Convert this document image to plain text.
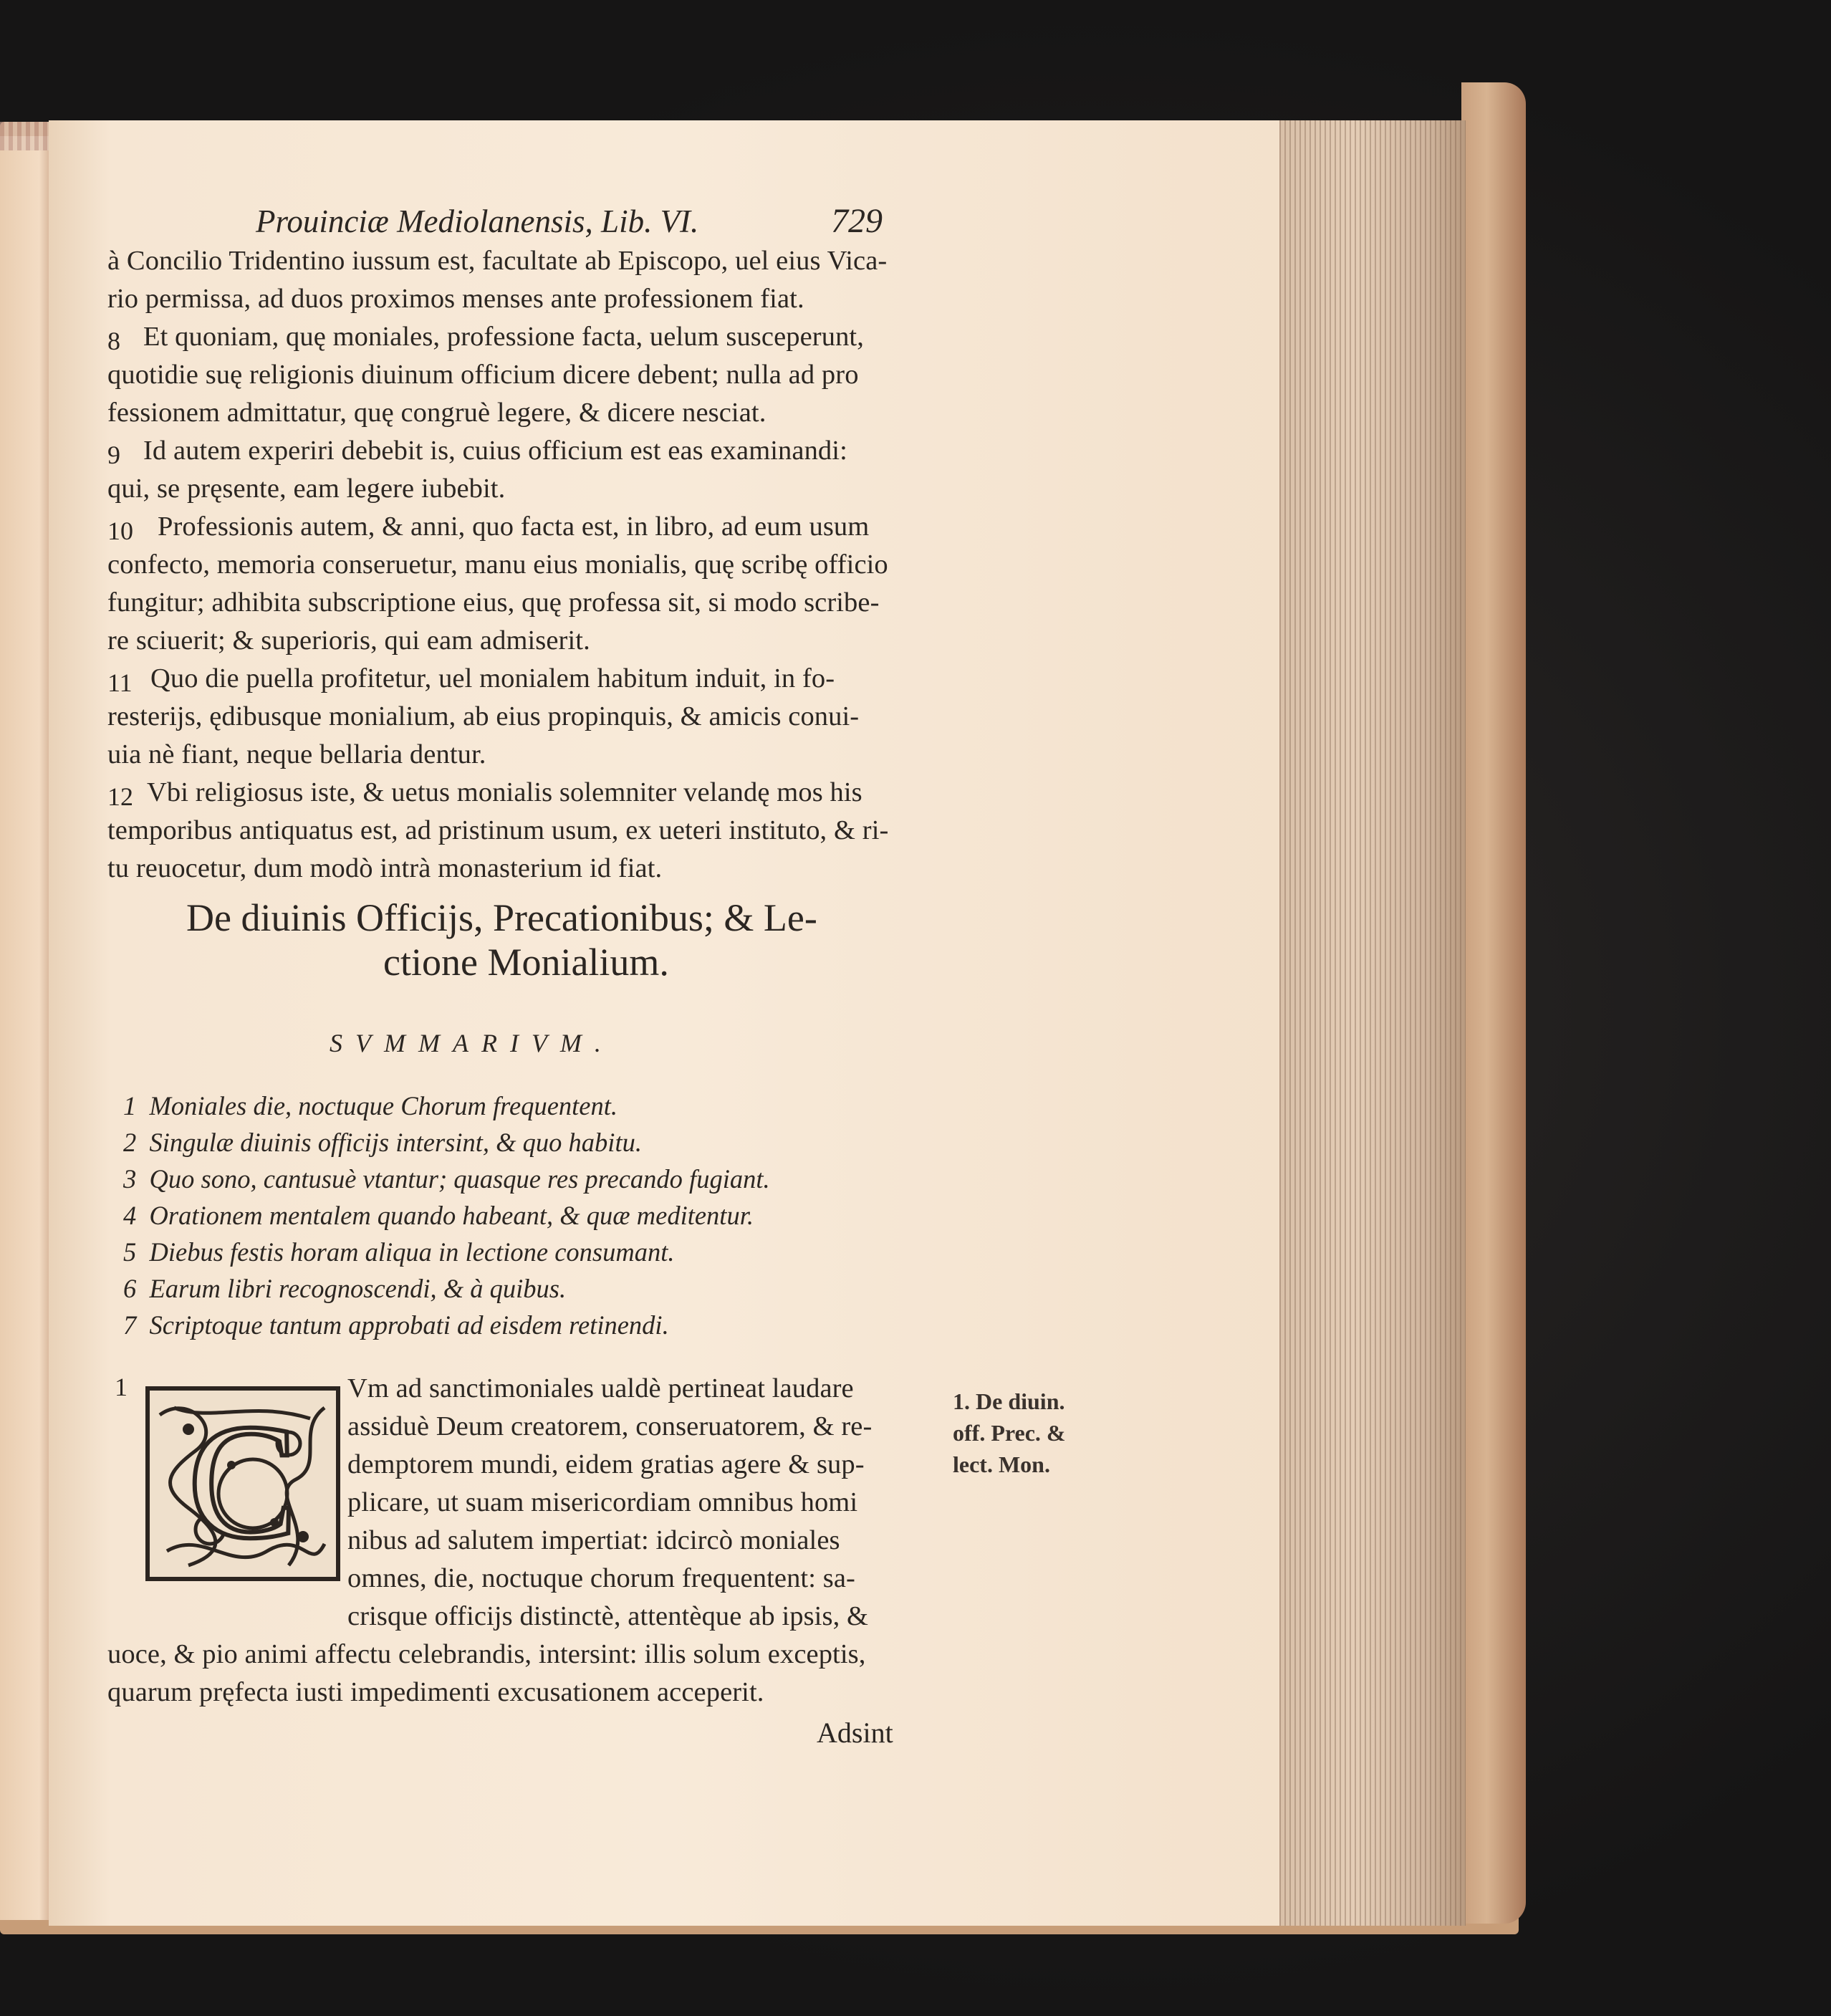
Prouinciæ Mediolanensis, Lib. VI.	729
à Concilio Tridentino iussum est, facultate ab Episcopo, uel eius Vica-
rio permissa, ad duos proximos menses ante professionem fiat.
8 Et quoniam, quę moniales, professione facta, uelum susceperunt,
quotidie suę religionis diuinum officium dicere debent; nulla ad pro
fessionem admittatur, quę congruè legere, & dicere nesciat.
9 Id autem experiri debebit is, cuius officium est eas examinandi:
qui, se pręsente, eam legere iubebit.
10 Professionis autem, & anni, quo facta est, in libro, ad eum usum
confecto, memoria conseruetur, manu eius monialis, quę scribę officio
fungitur; adhibita subscriptione eius, quę professa sit, si modo scribe-
re sciuerit; & superioris, qui eam admiserit.
11 Quo die puella profitetur, uel monialem habitum induit, in fo-
resterijs, ędibusque monialium, ab eius propinquis, & amicis conui-
uia nè fiant, neque bellaria dentur.
12 Vbi religiosus iste, & uetus monialis solemniter velandę mos his
temporibus antiquatus est, ad pristinum usum, ex ueteri instituto, & ri-
tu reuocetur, dum modò intrà monasterium id fiat.
De diuinis Officijs, Precationibus; & Le-
ctione Monialium.
SVMMARIVM.
1 Moniales die, noctuque Chorum frequentent.
2 Singulæ diuinis officijs intersint, & quo habitu.
3 Quo sono, cantusuè vtantur; quasque res precando fugiant.
4 Orationem mentalem quando habeant, & quæ meditentur.
5 Diebus festis horam aliqua in lectione consumant.
6 Earum libri recognoscendi, & à quibus.
7 Scriptoque tantum approbati ad eisdem retinendi.
1
C
Vm ad sanctimoniales ualdè pertineat laudare
assiduè Deum creatorem, conseruatorem, & re-
demptorem mundi, eidem gratias agere & sup-
plicare, ut suam misericordiam omnibus homi
nibus ad salutem impertiat: idcircò moniales
omnes, die, noctuque chorum frequentent: sa-
crisque officijs distinctè, attentèque ab ipsis, &
uoce, & pio animi affectu celebrandis, intersint: illis solum exceptis,
quarum pręfecta iusti impedimenti excusationem acceperit.
1. De diuin.
off. Prec. &
lect. Mon.
Adsint
